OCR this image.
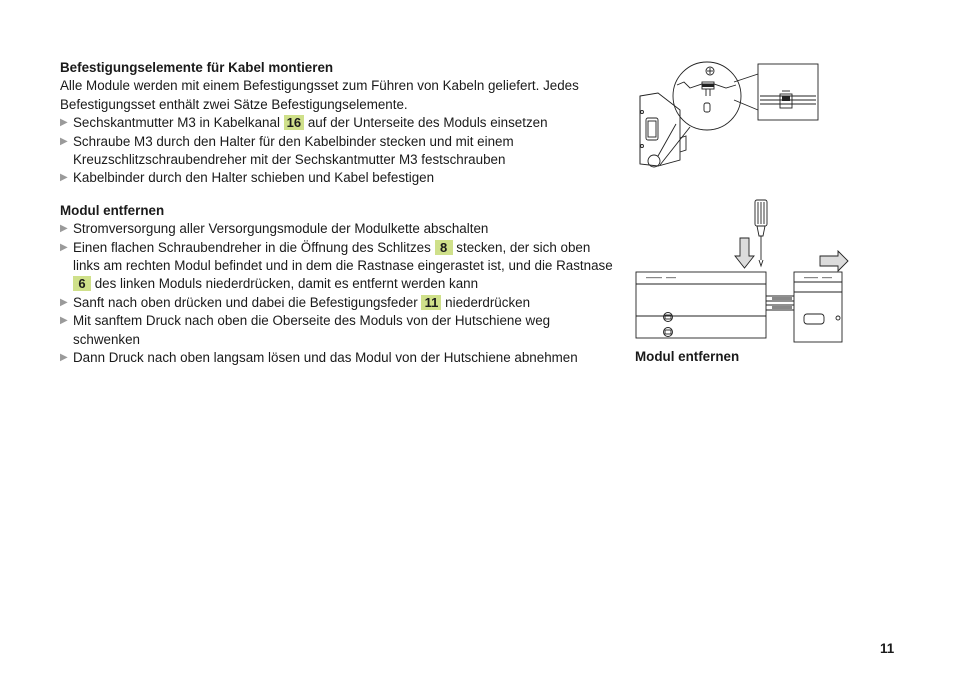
Befestigungselemente für Kabel montieren

Alle Module werden mit einem Befestigungsset zum Führen von Kabeln geliefert. Jedes Befestigungsset enthält zwei Sätze Befestigungselemente.

▶ Sechskantmutter M3 in Kabelkanal 16 auf der Unterseite des Moduls einsetzen
▶ Schraube M3 durch den Halter für den Kabelbinder stecken und mit einem Kreuzschlitzschraubendreher mit der Sechskantmutter M3 festschrauben
▶ Kabelbinder durch den Halter schieben und Kabel befestigen
Modul entfernen
▶ Stromversorgung aller Versorgungsmodule der Modulkette abschalten
▶ Einen flachen Schraubendreher in die Öffnung des Schlitzes 8 stecken, der sich oben links am rechten Modul befindet und in dem die Rastnase eingerastet ist, und die Rastnase 6 des linken Moduls niederdrücken, damit es entfernt werden kann
▶ Sanft nach oben drücken und dabei die Befestigungsfeder 11 niederdrücken
▶ Mit sanftem Druck nach oben die Oberseite des Moduls von der Hutschiene weg schwenken
▶ Dann Druck nach oben langsam lösen und das Modul von der Hutschiene abnehmen	Modul entfernen
11
